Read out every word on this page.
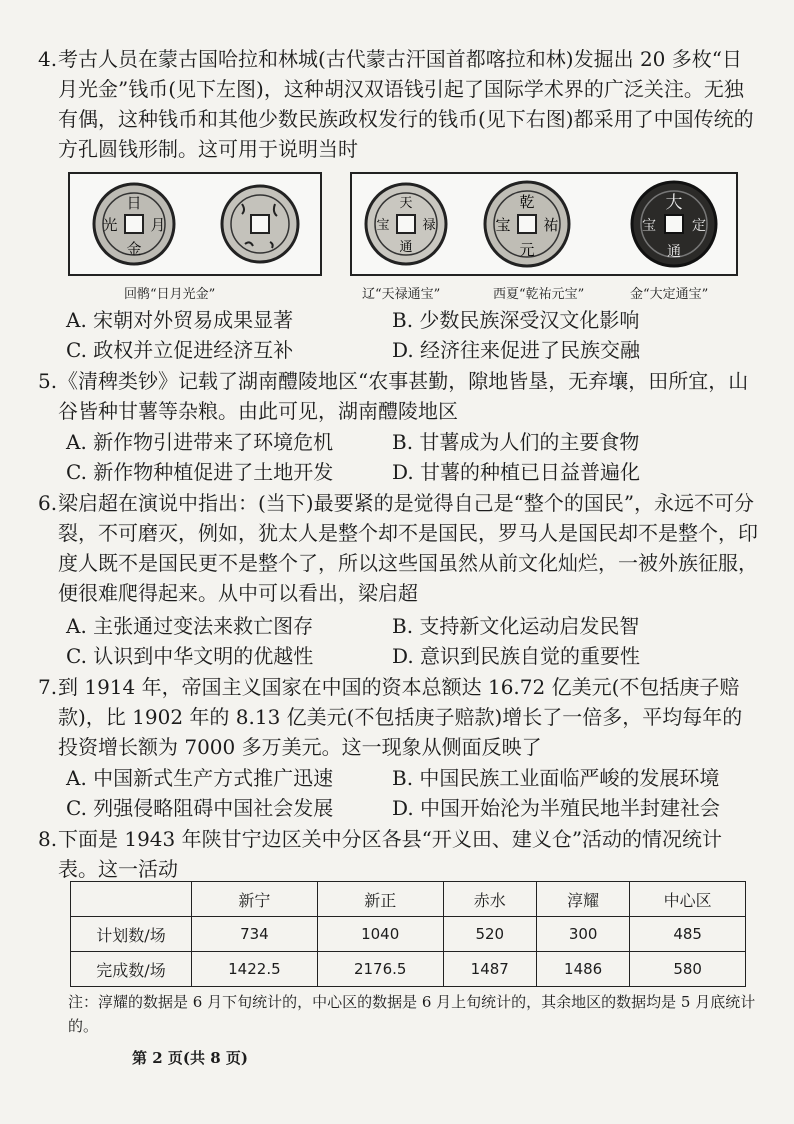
4. 考古人员在蒙古国哈拉和林城(古代蒙古汗国首都喀拉和林)发掘出 20 多枚“日月光金”钱币(见下左图)，这种胡汉双语钱引起了国际学术界的广泛关注。无独有偶，这种钱币和其他少数民族政权发行的钱币(见下右图)都采用了中国传统的方孔圆钱形制。这可用于说明当时
日
月
光
金
天
禄
通
宝
乾
祐
元
宝
大
定
通
宝
回鹘“日月光金”	辽“天禄通宝”	西夏“乾祐元宝”	金“大定通宝”
A. 宋朝对外贸易成果显著	B. 少数民族深受汉文化影响
C. 政权并立促进经济互补	D. 经济往来促进了民族交融
5. 《清稗类钞》记载了湖南醴陵地区“农事甚勤，隙地皆垦，无弃壤，田所宜，山谷皆种甘薯等杂粮。由此可见，湖南醴陵地区
A. 新作物引进带来了环境危机	B. 甘薯成为人们的主要食物
C. 新作物种植促进了土地开发	D. 甘薯的种植已日益普遍化
6. 梁启超在演说中指出：(当下)最要紧的是觉得自己是“整个的国民”，永远不可分裂，不可磨灭，例如，犹太人是整个却不是国民，罗马人是国民却不是整个，印度人既不是国民更不是整个了，所以这些国虽然从前文化灿烂，一被外族征服，便很难爬得起来。从中可以看出，梁启超
A. 主张通过变法来救亡图存	B. 支持新文化运动启发民智
C. 认识到中华文明的优越性	D. 意识到民族自觉的重要性
7. 到 1914 年，帝国主义国家在中国的资本总额达 16.72 亿美元(不包括庚子赔款)，比 1902 年的 8.13 亿美元(不包括庚子赔款)增长了一倍多，平均每年的投资增长额为 7000 多万美元。这一现象从侧面反映了
A. 中国新式生产方式推广迅速	B. 中国民族工业面临严峻的发展环境
C. 列强侵略阻碍中国社会发展	D. 中国开始沦为半殖民地半封建社会
8. 下面是 1943 年陕甘宁边区关中分区各县“开义田、建义仓”活动的情况统计表。这一活动
	新宁	新正	赤水	淳耀	中心区
计划数/场	734	1040	520	300	485
完成数/场	1422.5	2176.5	1487	1486	580
注：淳耀的数据是 6 月下旬统计的，中心区的数据是 6 月上旬统计的，其余地区的数据均是 5 月底统计的。
第 2 页(共 8 页)
